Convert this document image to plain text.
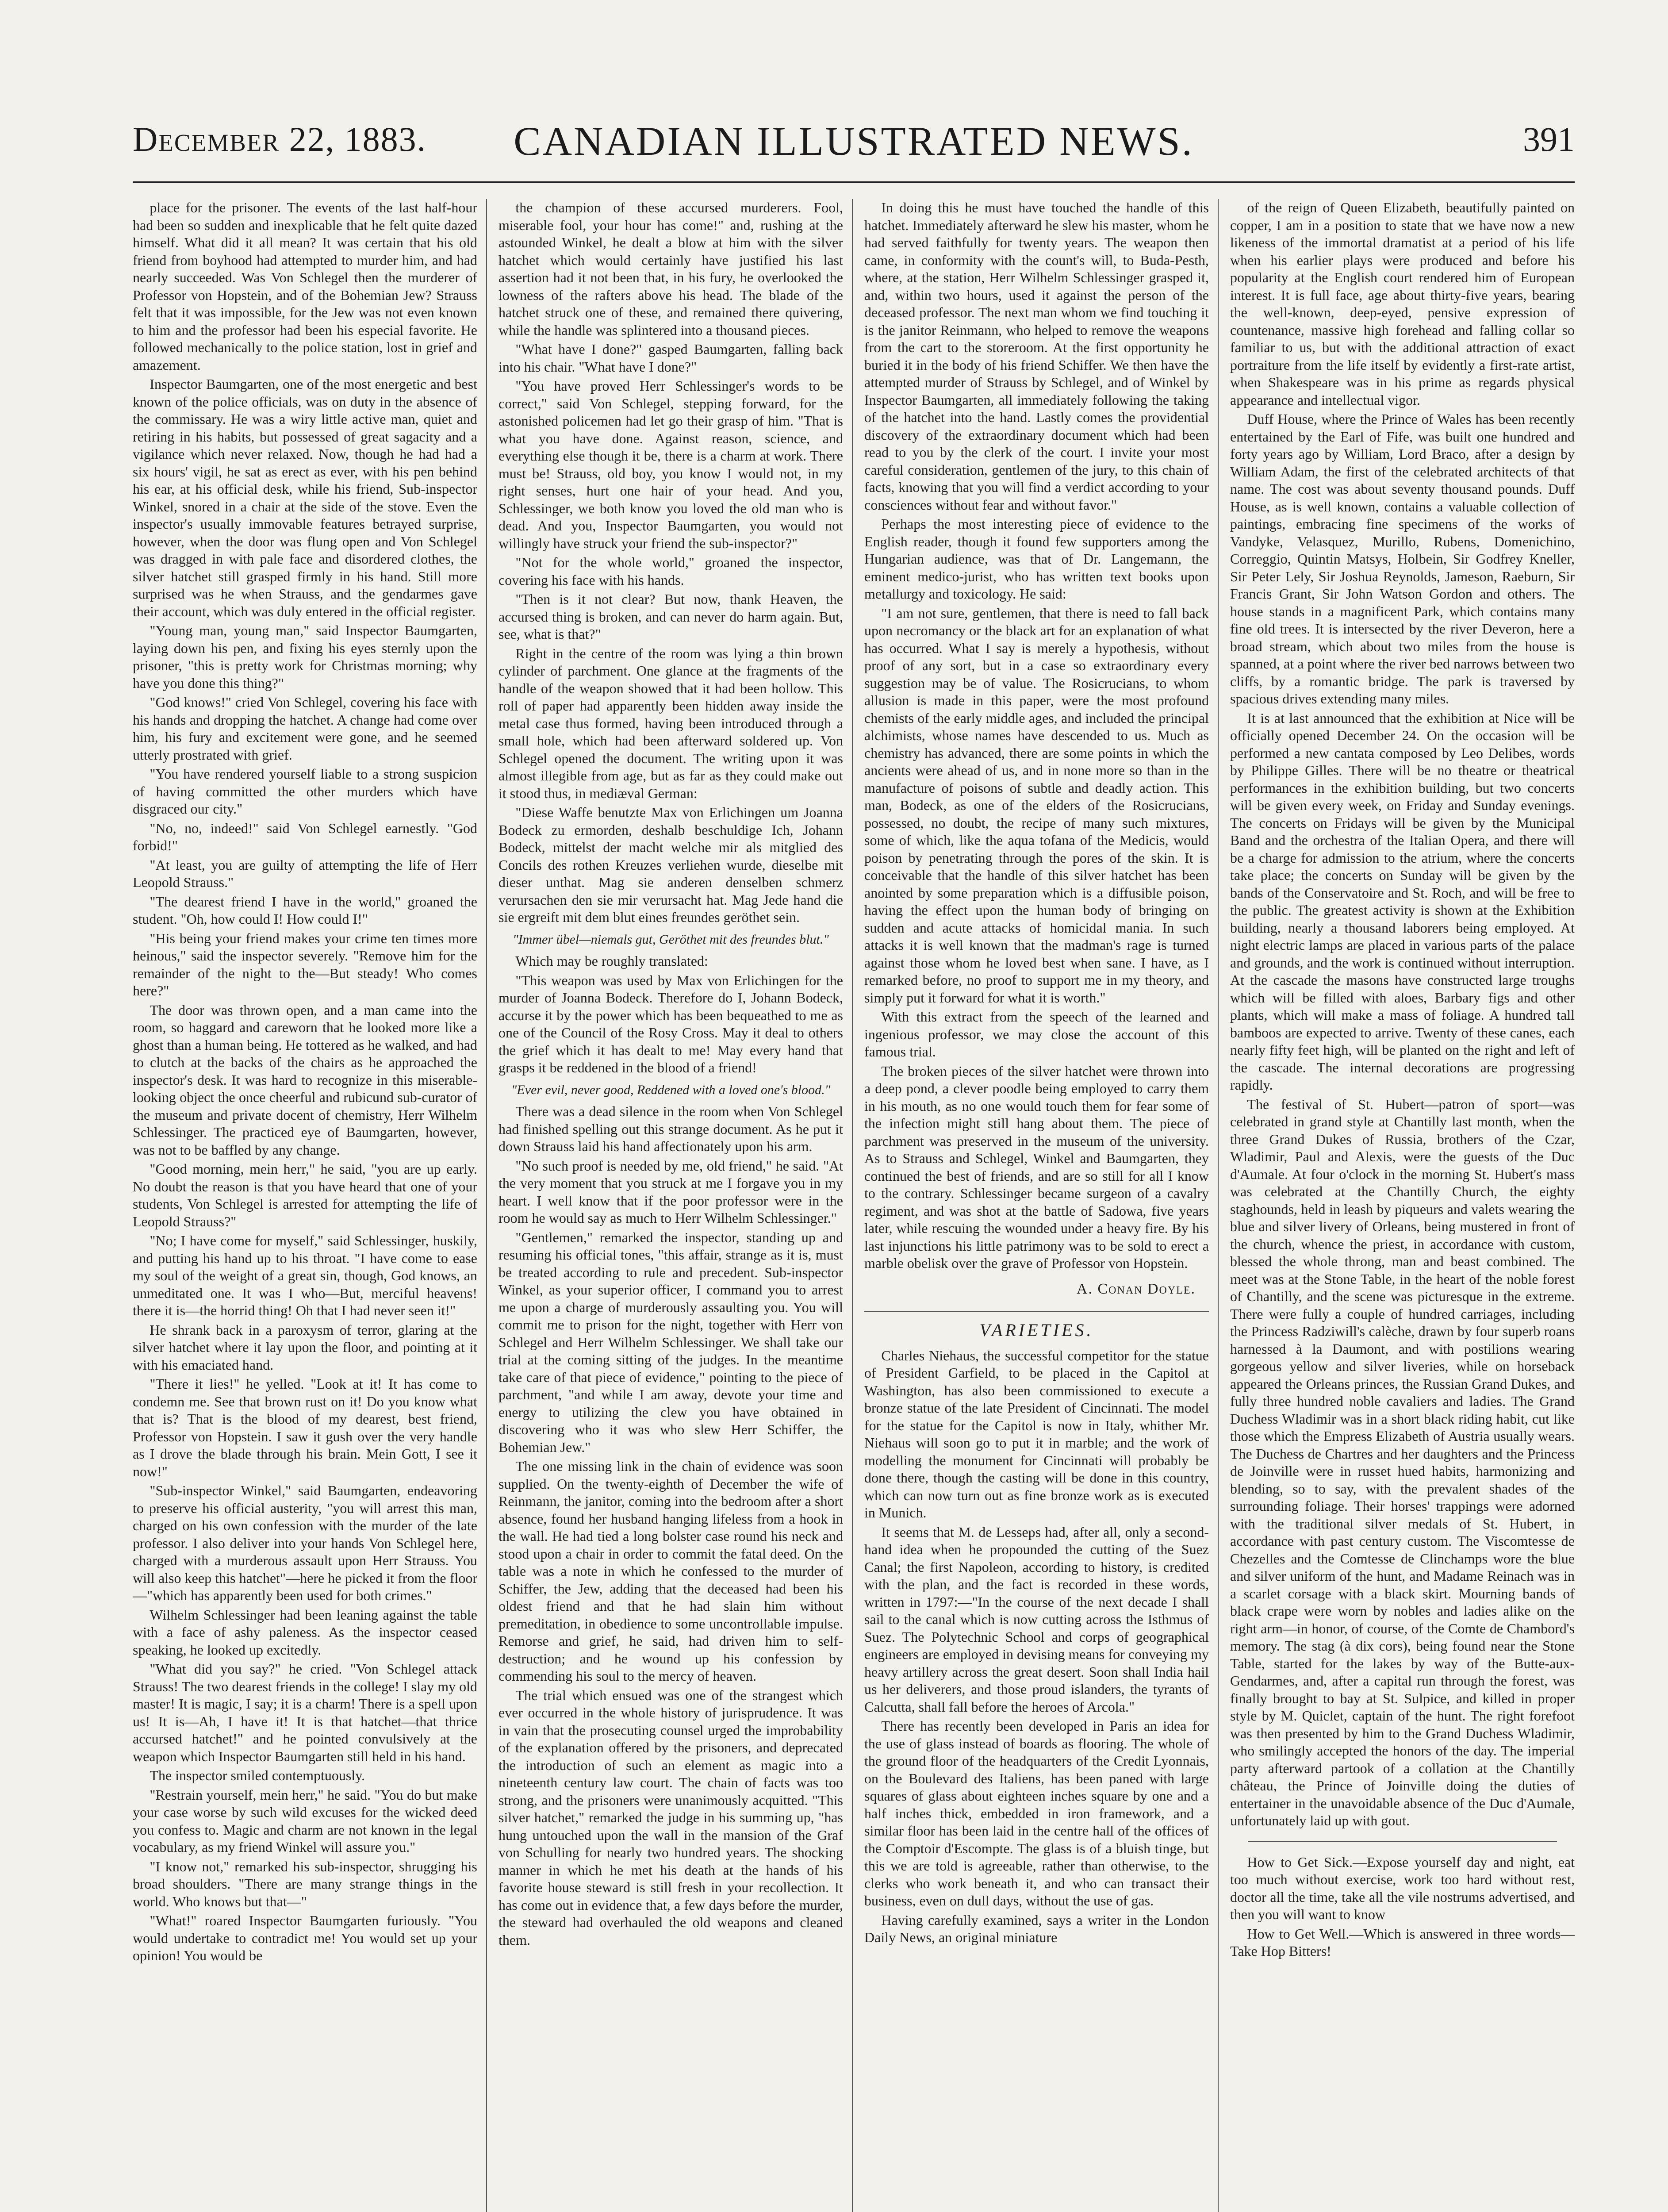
December 22, 1883.	CANADIAN ILLUSTRATED NEWS.	391

place for the prisoner. The events of the last half-hour had been so sudden and inexplicable that he felt quite dazed himself. What did it all mean? It was certain that his old friend from boyhood had attempted to murder him, and had nearly succeeded. Was Von Schlegel then the murderer of Professor von Hopstein, and of the Bohemian Jew? Strauss felt that it was impossible, for the Jew was not even known to him and the professor had been his especial favorite. He followed mechanically to the police station, lost in grief and amazement.

Inspector Baumgarten, one of the most energetic and best known of the police officials, was on duty in the absence of the commissary. He was a wiry little active man, quiet and retiring in his habits, but possessed of great sagacity and a vigilance which never relaxed. Now, though he had had a six hours' vigil, he sat as erect as ever, with his pen behind his ear, at his official desk, while his friend, Sub-inspector Winkel, snored in a chair at the side of the stove. Even the inspector's usually immovable features betrayed surprise, however, when the door was flung open and Von Schlegel was dragged in with pale face and disordered clothes, the silver hatchet still grasped firmly in his hand. Still more surprised was he when Strauss, and the gendarmes gave their account, which was duly entered in the official register.

"Young man, young man," said Inspector Baumgarten, laying down his pen, and fixing his eyes sternly upon the prisoner, "this is pretty work for Christmas morning; why have you done this thing?"

"God knows!" cried Von Schlegel, covering his face with his hands and dropping the hatchet. A change had come over him, his fury and excitement were gone, and he seemed utterly prostrated with grief.

"You have rendered yourself liable to a strong suspicion of having committed the other murders which have disgraced our city."

"No, no, indeed!" said Von Schlegel earnestly. "God forbid!"

"At least, you are guilty of attempting the life of Herr Leopold Strauss."

"The dearest friend I have in the world," groaned the student. "Oh, how could I! How could I!"

"His being your friend makes your crime ten times more heinous," said the inspector severely. "Remove him for the remainder of the night to the—But steady! Who comes here?"

The door was thrown open, and a man came into the room, so haggard and careworn that he looked more like a ghost than a human being. He tottered as he walked, and had to clutch at the backs of the chairs as he approached the inspector's desk. It was hard to recognize in this miserable-looking object the once cheerful and rubicund sub-curator of the museum and private docent of chemistry, Herr Wilhelm Schlessinger. The practiced eye of Baumgarten, however, was not to be baffled by any change.

"Good morning, mein herr," he said, "you are up early. No doubt the reason is that you have heard that one of your students, Von Schlegel is arrested for attempting the life of Leopold Strauss?"

"No; I have come for myself," said Schlessinger, huskily, and putting his hand up to his throat. "I have come to ease my soul of the weight of a great sin, though, God knows, an unmeditated one. It was I who—But, merciful heavens! there it is—the horrid thing! Oh that I had never seen it!"

He shrank back in a paroxysm of terror, glaring at the silver hatchet where it lay upon the floor, and pointing at it with his emaciated hand.

"There it lies!" he yelled. "Look at it! It has come to condemn me. See that brown rust on it! Do you know what that is? That is the blood of my dearest, best friend, Professor von Hopstein. I saw it gush over the very handle as I drove the blade through his brain. Mein Gott, I see it now!"

"Sub-inspector Winkel," said Baumgarten, endeavoring to preserve his official austerity, "you will arrest this man, charged on his own confession with the murder of the late professor. I also deliver into your hands Von Schlegel here, charged with a murderous assault upon Herr Strauss. You will also keep this hatchet"—here he picked it from the floor—"which has apparently been used for both crimes."

Wilhelm Schlessinger had been leaning against the table with a face of ashy paleness. As the inspector ceased speaking, he looked up excitedly.

"What did you say?" he cried. "Von Schlegel attack Strauss! The two dearest friends in the college! I slay my old master! It is magic, I say; it is a charm! There is a spell upon us! It is—Ah, I have it! It is that hatchet—that thrice accursed hatchet!" and he pointed convulsively at the weapon which Inspector Baumgarten still held in his hand.

The inspector smiled contemptuously.

"Restrain yourself, mein herr," he said. "You do but make your case worse by such wild excuses for the wicked deed you confess to. Magic and charm are not known in the legal vocabulary, as my friend Winkel will assure you."

"I know not," remarked his sub-inspector, shrugging his broad shoulders. "There are many strange things in the world. Who knows but that—"

"What!" roared Inspector Baumgarten furiously. "You would undertake to contradict me! You would set up your opinion! You would be

the champion of these accursed murderers. Fool, miserable fool, your hour has come!" and, rushing at the astounded Winkel, he dealt a blow at him with the silver hatchet which would certainly have justified his last assertion had it not been that, in his fury, he overlooked the lowness of the rafters above his head. The blade of the hatchet struck one of these, and remained there quivering, while the handle was splintered into a thousand pieces.

"What have I done?" gasped Baumgarten, falling back into his chair. "What have I done?"

"You have proved Herr Schlessinger's words to be correct," said Von Schlegel, stepping forward, for the astonished policemen had let go their grasp of him. "That is what you have done. Against reason, science, and everything else though it be, there is a charm at work. There must be! Strauss, old boy, you know I would not, in my right senses, hurt one hair of your head. And you, Schlessinger, we both know you loved the old man who is dead. And you, Inspector Baumgarten, you would not willingly have struck your friend the sub-inspector?"

"Not for the whole world," groaned the inspector, covering his face with his hands.

"Then is it not clear? But now, thank Heaven, the accursed thing is broken, and can never do harm again. But, see, what is that?"

Right in the centre of the room was lying a thin brown cylinder of parchment. One glance at the fragments of the handle of the weapon showed that it had been hollow. This roll of paper had apparently been hidden away inside the metal case thus formed, having been introduced through a small hole, which had been afterward soldered up. Von Schlegel opened the document. The writing upon it was almost illegible from age, but as far as they could make out it stood thus, in mediæval German:

"Diese Waffe benutzte Max von Erlichingen um Joanna Bodeck zu ermorden, deshalb beschuldige Ich, Johann Bodeck, mittelst der macht welche mir als mitglied des Concils des rothen Kreuzes verliehen wurde, dieselbe mit dieser unthat. Mag sie anderen denselben schmerz verursachen den sie mir verursacht hat. Mag Jede hand die sie ergreift mit dem blut eines freundes geröthet sein.

"Immer übel—niemals gut, Geröthet mit des freundes blut."

Which may be roughly translated:

"This weapon was used by Max von Erlichingen for the murder of Joanna Bodeck. Therefore do I, Johann Bodeck, accurse it by the power which has been bequeathed to me as one of the Council of the Rosy Cross. May it deal to others the grief which it has dealt to me! May every hand that grasps it be reddened in the blood of a friend!

"Ever evil, never good, Reddened with a loved one's blood."

There was a dead silence in the room when Von Schlegel had finished spelling out this strange document. As he put it down Strauss laid his hand affectionately upon his arm.

"No such proof is needed by me, old friend," he said. "At the very moment that you struck at me I forgave you in my heart. I well know that if the poor professor were in the room he would say as much to Herr Wilhelm Schlessinger."

"Gentlemen," remarked the inspector, standing up and resuming his official tones, "this affair, strange as it is, must be treated according to rule and precedent. Sub-inspector Winkel, as your superior officer, I command you to arrest me upon a charge of murderously assaulting you. You will commit me to prison for the night, together with Herr von Schlegel and Herr Wilhelm Schlessinger. We shall take our trial at the coming sitting of the judges. In the meantime take care of that piece of evidence," pointing to the piece of parchment, "and while I am away, devote your time and energy to utilizing the clew you have obtained in discovering who it was who slew Herr Schiffer, the Bohemian Jew."

The one missing link in the chain of evidence was soon supplied. On the twenty-eighth of December the wife of Reinmann, the janitor, coming into the bedroom after a short absence, found her husband hanging lifeless from a hook in the wall. He had tied a long bolster case round his neck and stood upon a chair in order to commit the fatal deed. On the table was a note in which he confessed to the murder of Schiffer, the Jew, adding that the deceased had been his oldest friend and that he had slain him without premeditation, in obedience to some uncontrollable impulse. Remorse and grief, he said, had driven him to self-destruction; and he wound up his confession by commending his soul to the mercy of heaven.

The trial which ensued was one of the strangest which ever occurred in the whole history of jurisprudence. It was in vain that the prosecuting counsel urged the improbability of the explanation offered by the prisoners, and deprecated the introduction of such an element as magic into a nineteenth century law court. The chain of facts was too strong, and the prisoners were unanimously acquitted. "This silver hatchet," remarked the judge in his summing up, "has hung untouched upon the wall in the mansion of the Graf von Schulling for nearly two hundred years. The shocking manner in which he met his death at the hands of his favorite house steward is still fresh in your recollection. It has come out in evidence that, a few days before the murder, the steward had overhauled the old weapons and cleaned them.

In doing this he must have touched the handle of this hatchet. Immediately afterward he slew his master, whom he had served faithfully for twenty years. The weapon then came, in conformity with the count's will, to Buda-Pesth, where, at the station, Herr Wilhelm Schlessinger grasped it, and, within two hours, used it against the person of the deceased professor. The next man whom we find touching it is the janitor Reinmann, who helped to remove the weapons from the cart to the storeroom. At the first opportunity he buried it in the body of his friend Schiffer. We then have the attempted murder of Strauss by Schlegel, and of Winkel by Inspector Baumgarten, all immediately following the taking of the hatchet into the hand. Lastly comes the providential discovery of the extraordinary document which had been read to you by the clerk of the court. I invite your most careful consideration, gentlemen of the jury, to this chain of facts, knowing that you will find a verdict according to your consciences without fear and without favor."

Perhaps the most interesting piece of evidence to the English reader, though it found few supporters among the Hungarian audience, was that of Dr. Langemann, the eminent medico-jurist, who has written text books upon metallurgy and toxicology. He said:

"I am not sure, gentlemen, that there is need to fall back upon necromancy or the black art for an explanation of what has occurred. What I say is merely a hypothesis, without proof of any sort, but in a case so extraordinary every suggestion may be of value. The Rosicrucians, to whom allusion is made in this paper, were the most profound chemists of the early middle ages, and included the principal alchimists, whose names have descended to us. Much as chemistry has advanced, there are some points in which the ancients were ahead of us, and in none more so than in the manufacture of poisons of subtle and deadly action. This man, Bodeck, as one of the elders of the Rosicrucians, possessed, no doubt, the recipe of many such mixtures, some of which, like the aqua tofana of the Medicis, would poison by penetrating through the pores of the skin. It is conceivable that the handle of this silver hatchet has been anointed by some preparation which is a diffusible poison, having the effect upon the human body of bringing on sudden and acute attacks of homicidal mania. In such attacks it is well known that the madman's rage is turned against those whom he loved best when sane. I have, as I remarked before, no proof to support me in my theory, and simply put it forward for what it is worth."

With this extract from the speech of the learned and ingenious professor, we may close the account of this famous trial.

The broken pieces of the silver hatchet were thrown into a deep pond, a clever poodle being employed to carry them in his mouth, as no one would touch them for fear some of the infection might still hang about them. The piece of parchment was preserved in the museum of the university. As to Strauss and Schlegel, Winkel and Baumgarten, they continued the best of friends, and are so still for all I know to the contrary. Schlessinger became surgeon of a cavalry regiment, and was shot at the battle of Sadowa, five years later, while rescuing the wounded under a heavy fire. By his last injunctions his little patrimony was to be sold to erect a marble obelisk over the grave of Professor von Hopstein.

A. Conan Doyle.
VARIETIES.

Charles Niehaus, the successful competitor for the statue of President Garfield, to be placed in the Capitol at Washington, has also been commissioned to execute a bronze statue of the late President of Cincinnati. The model for the statue for the Capitol is now in Italy, whither Mr. Niehaus will soon go to put it in marble; and the work of modelling the monument for Cincinnati will probably be done there, though the casting will be done in this country, which can now turn out as fine bronze work as is executed in Munich.

It seems that M. de Lesseps had, after all, only a second-hand idea when he propounded the cutting of the Suez Canal; the first Napoleon, according to history, is credited with the plan, and the fact is recorded in these words, written in 1797:—"In the course of the next decade I shall sail to the canal which is now cutting across the Isthmus of Suez. The Polytechnic School and corps of geographical engineers are employed in devising means for conveying my heavy artillery across the great desert. Soon shall India hail us her deliverers, and those proud islanders, the tyrants of Calcutta, shall fall before the heroes of Arcola."

There has recently been developed in Paris an idea for the use of glass instead of boards as flooring. The whole of the ground floor of the headquarters of the Credit Lyonnais, on the Boulevard des Italiens, has been paned with large squares of glass about eighteen inches square by one and a half inches thick, embedded in iron framework, and a similar floor has been laid in the centre hall of the offices of the Comptoir d'Escompte. The glass is of a bluish tinge, but this we are told is agreeable, rather than otherwise, to the clerks who work beneath it, and who can transact their business, even on dull days, without the use of gas.

Having carefully examined, says a writer in the London Daily News, an original miniature

of the reign of Queen Elizabeth, beautifully painted on copper, I am in a position to state that we have now a new likeness of the immortal dramatist at a period of his life when his earlier plays were produced and before his popularity at the English court rendered him of European interest. It is full face, age about thirty-five years, bearing the well-known, deep-eyed, pensive expression of countenance, massive high forehead and falling collar so familiar to us, but with the additional attraction of exact portraiture from the life itself by evidently a first-rate artist, when Shakespeare was in his prime as regards physical appearance and intellectual vigor.

Duff House, where the Prince of Wales has been recently entertained by the Earl of Fife, was built one hundred and forty years ago by William, Lord Braco, after a design by William Adam, the first of the celebrated architects of that name. The cost was about seventy thousand pounds. Duff House, as is well known, contains a valuable collection of paintings, embracing fine specimens of the works of Vandyke, Velasquez, Murillo, Rubens, Domenichino, Correggio, Quintin Matsys, Holbein, Sir Godfrey Kneller, Sir Peter Lely, Sir Joshua Reynolds, Jameson, Raeburn, Sir Francis Grant, Sir John Watson Gordon and others. The house stands in a magnificent Park, which contains many fine old trees. It is intersected by the river Deveron, here a broad stream, which about two miles from the house is spanned, at a point where the river bed narrows between two cliffs, by a romantic bridge. The park is traversed by spacious drives extending many miles.

It is at last announced that the exhibition at Nice will be officially opened December 24. On the occasion will be performed a new cantata composed by Leo Delibes, words by Philippe Gilles. There will be no theatre or theatrical performances in the exhibition building, but two concerts will be given every week, on Friday and Sunday evenings. The concerts on Fridays will be given by the Municipal Band and the orchestra of the Italian Opera, and there will be a charge for admission to the atrium, where the concerts take place; the concerts on Sunday will be given by the bands of the Conservatoire and St. Roch, and will be free to the public. The greatest activity is shown at the Exhibition building, nearly a thousand laborers being employed. At night electric lamps are placed in various parts of the palace and grounds, and the work is continued without interruption. At the cascade the masons have constructed large troughs which will be filled with aloes, Barbary figs and other plants, which will make a mass of foliage. A hundred tall bamboos are expected to arrive. Twenty of these canes, each nearly fifty feet high, will be planted on the right and left of the cascade. The internal decorations are progressing rapidly.

The festival of St. Hubert—patron of sport—was celebrated in grand style at Chantilly last month, when the three Grand Dukes of Russia, brothers of the Czar, Wladimir, Paul and Alexis, were the guests of the Duc d'Aumale. At four o'clock in the morning St. Hubert's mass was celebrated at the Chantilly Church, the eighty staghounds, held in leash by piqueurs and valets wearing the blue and silver livery of Orleans, being mustered in front of the church, whence the priest, in accordance with custom, blessed the whole throng, man and beast combined. The meet was at the Stone Table, in the heart of the noble forest of Chantilly, and the scene was picturesque in the extreme. There were fully a couple of hundred carriages, including the Princess Radziwill's calèche, drawn by four superb roans harnessed à la Daumont, and with postilions wearing gorgeous yellow and silver liveries, while on horseback appeared the Orleans princes, the Russian Grand Dukes, and fully three hundred noble cavaliers and ladies. The Grand Duchess Wladimir was in a short black riding habit, cut like those which the Empress Elizabeth of Austria usually wears. The Duchess de Chartres and her daughters and the Princess de Joinville were in russet hued habits, harmonizing and blending, so to say, with the prevalent shades of the surrounding foliage. Their horses' trappings were adorned with the traditional silver medals of St. Hubert, in accordance with past century custom. The Viscomtesse de Chezelles and the Comtesse de Clinchamps wore the blue and silver uniform of the hunt, and Madame Reinach was in a scarlet corsage with a black skirt. Mourning bands of black crape were worn by nobles and ladies alike on the right arm—in honor, of course, of the Comte de Chambord's memory. The stag (à dix cors), being found near the Stone Table, started for the lakes by way of the Butte-aux-Gendarmes, and, after a capital run through the forest, was finally brought to bay at St. Sulpice, and killed in proper style by M. Quiclet, captain of the hunt. The right forefoot was then presented by him to the Grand Duchess Wladimir, who smilingly accepted the honors of the day. The imperial party afterward partook of a collation at the Chantilly château, the Prince of Joinville doing the duties of entertainer in the unavoidable absence of the Duc d'Aumale, unfortunately laid up with gout.

How to Get Sick.—Expose yourself day and night, eat too much without exercise, work too hard without rest, doctor all the time, take all the vile nostrums advertised, and then you will want to know

How to Get Well.—Which is answered in three words—Take Hop Bitters!
